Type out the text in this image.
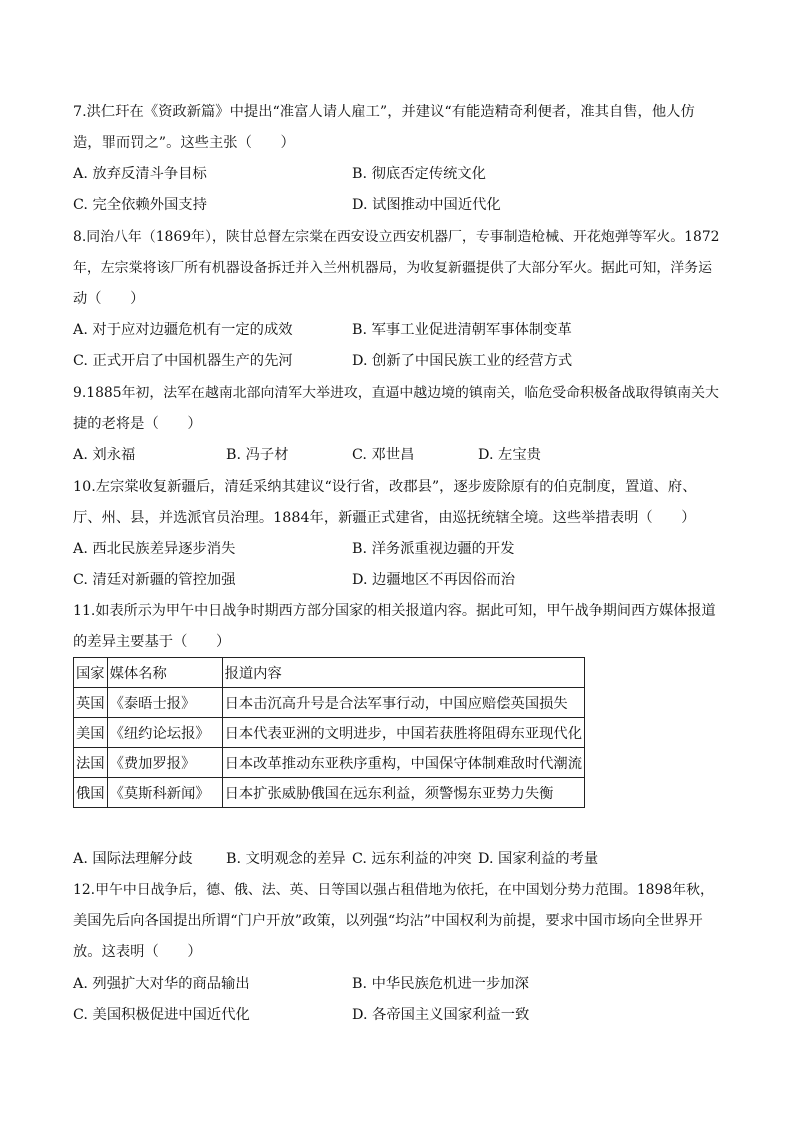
7.洪仁玕在《资政新篇》中提出“准富人请人雇工”，并建议“有能造精奇利便者，准其自售，他人仿
造，罪而罚之”。这些主张（　　）
A. 放弃反清斗争目标	B. 彻底否定传统文化
C. 完全依赖外国支持	D. 试图推动中国近代化
8.同治八年（1869年），陕甘总督左宗棠在西安设立西安机器厂，专事制造枪械、开花炮弹等军火。1872
年，左宗棠将该厂所有机器设备拆迁并入兰州机器局，为收复新疆提供了大部分军火。据此可知，洋务运
动（　　）
A. 对于应对边疆危机有一定的成效	B. 军事工业促进清朝军事体制变革
C. 正式开启了中国机器生产的先河	D. 创新了中国民族工业的经营方式
9.1885年初，法军在越南北部向清军大举进攻，直逼中越边境的镇南关，临危受命积极备战取得镇南关大
捷的老将是（　　）
A. 刘永福	B. 冯子材	C. 邓世昌	D. 左宝贵
10.左宗棠收复新疆后，清廷采纳其建议“设行省，改郡县”，逐步废除原有的伯克制度，置道、府、
厅、州、县，并选派官员治理。1884年，新疆正式建省，由巡抚统辖全境。这些举措表明（　　）
A. 西北民族差异逐步消失	B. 洋务派重视边疆的开发
C. 清廷对新疆的管控加强	D. 边疆地区不再因俗而治
11.如表所示为甲午中日战争时期西方部分国家的相关报道内容。据此可知，甲午战争期间西方媒体报道
的差异主要基于（　　）
国家	媒体名称	报道内容
英国	《泰晤士报》	日本击沉高升号是合法军事行动，中国应赔偿英国损失
美国	《纽约论坛报》	日本代表亚洲的文明进步，中国若获胜将阻碍东亚现代化
法国	《费加罗报》	日本改革推动东亚秩序重构，中国保守体制难敌时代潮流
俄国	《莫斯科新闻》	日本扩张威胁俄国在远东利益，须警惕东亚势力失衡
A. 国际法理解分歧 B. 文明观念的差异 C. 远东利益的冲突 D. 国家利益的考量
12.甲午中日战争后，德、俄、法、英、日等国以强占租借地为依托，在中国划分势力范围。1898年秋，
美国先后向各国提出所谓“门户开放”政策，以列强“均沾”中国权利为前提，要求中国市场向全世界开
放。这表明（　　）
A. 列强扩大对华的商品输出	B. 中华民族危机进一步加深
C. 美国积极促进中国近代化	D. 各帝国主义国家利益一致
